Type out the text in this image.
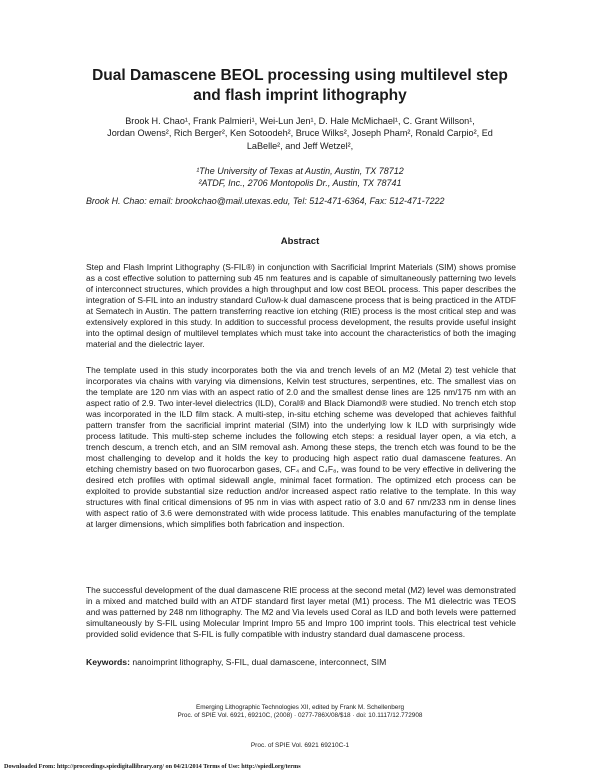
Dual Damascene BEOL processing using multilevel step
and flash imprint lithography
Brook H. Chao¹, Frank Palmieri¹, Wei-Lun Jen¹, D. Hale McMichael¹, C. Grant Willson¹,
Jordan Owens², Rich Berger², Ken Sotoodeh², Bruce Wilks², Joseph Pham², Ronald Carpio², Ed
LaBelle², and Jeff Wetzel²,
¹The University of Texas at Austin, Austin, TX 78712
²ATDF, Inc., 2706 Montopolis Dr., Austin, TX 78741
Brook H. Chao: email: brookchao@mail.utexas.edu, Tel: 512-471-6364, Fax: 512-471-7222
Abstract

Step and Flash Imprint Lithography (S-FIL®) in conjunction with Sacrificial Imprint Materials (SIM) shows promise as a cost effective solution to patterning sub 45 nm features and is capable of simultaneously patterning two levels of interconnect structures, which provides a high throughput and low cost BEOL process. This paper describes the integration of S-FIL into an industry standard Cu/low-k dual damascene process that is being practiced in the ATDF at Sematech in Austin. The pattern transferring reactive ion etching (RIE) process is the most critical step and was extensively explored in this study. In addition to successful process development, the results provide useful insight into the optimal design of multilevel templates which must take into account the characteristics of both the imaging material and the dielectric layer.

The template used in this study incorporates both the via and trench levels of an M2 (Metal 2) test vehicle that incorporates via chains with varying via dimensions, Kelvin test structures, serpentines, etc. The smallest vias on the template are 120 nm vias with an aspect ratio of 2.0 and the smallest dense lines are 125 nm/175 nm with an aspect ratio of 2.9. Two inter-level dielectrics (ILD), Coral® and Black Diamond® were studied. No trench etch stop was incorporated in the ILD film stack. A multi-step, in-situ etching scheme was developed that achieves faithful pattern transfer from the sacrificial imprint material (SIM) into the underlying low k ILD with surprisingly wide process latitude. This multi-step scheme includes the following etch steps: a residual layer open, a via etch, a trench descum, a trench etch, and an SIM removal ash. Among these steps, the trench etch was found to be the most challenging to develop and it holds the key to producing high aspect ratio dual damascene features. An etching chemistry based on two fluorocarbon gases, CF₄ and C₄F₈, was found to be very effective in delivering the desired etch profiles with optimal sidewall angle, minimal facet formation. The optimized etch process can be exploited to provide substantial size reduction and/or increased aspect ratio relative to the template. In this way structures with final critical dimensions of 95 nm in vias with aspect ratio of 3.0 and 67 nm/233 nm in dense lines with aspect ratio of 3.6 were demonstrated with wide process latitude. This enables manufacturing of the template at larger dimensions, which simplifies both fabrication and inspection.

The successful development of the dual damascene RIE process at the second metal (M2) level was demonstrated in a mixed and matched build with an ATDF standard first layer metal (M1) process. The M1 dielectric was TEOS and was patterned by 248 nm lithography. The M2 and Via levels used Coral as ILD and both levels were patterned simultaneously by S-FIL using Molecular Imprint Impro 55 and Impro 100 imprint tools. This electrical test vehicle provided solid evidence that S-FIL is fully compatible with industry standard dual damascene process.

Keywords: nanoimprint lithography, S-FIL, dual damascene, interconnect, SIM
Emerging Lithographic Technologies XII, edited by Frank M. Schellenberg
Proc. of SPIE Vol. 6921, 69210C, (2008) · 0277-786X/08/$18 · doi: 10.1117/12.772908
Proc. of SPIE Vol. 6921 69210C-1
Downloaded From: http://proceedings.spiedigitallibrary.org/ on 04/21/2014 Terms of Use: http://spiedl.org/terms
